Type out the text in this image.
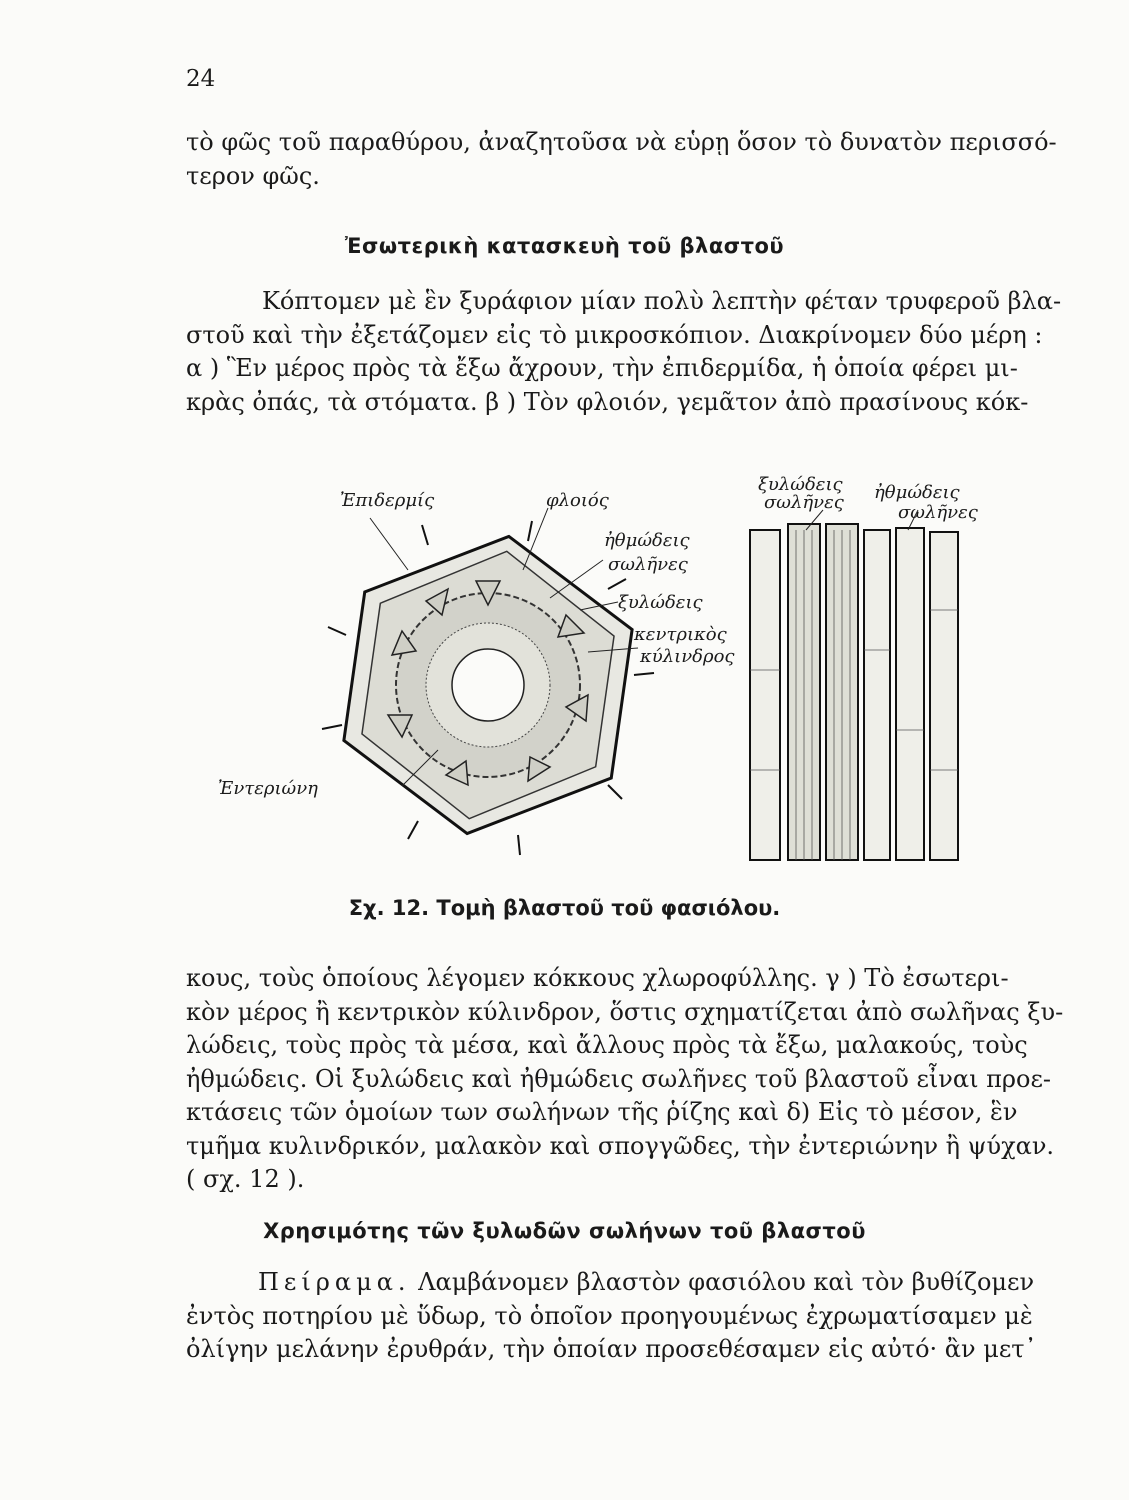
24
τὸ φῶς τοῦ παραθύρου, ἀναζητοῦσα νὰ εὑρῃ ὅσον τὸ δυνατὸν περισσό-
τερον φῶς.
Ἐσωτερικὴ κατασκευὴ τοῦ βλαστοῦ
Κόπτομεν μὲ ἓν ξυράφιον μίαν πολὺ λεπτὴν φέταν τρυφεροῦ βλα-
στοῦ καὶ τὴν ἐξετάζομεν εἰς τὸ μικροσκόπιον. Διακρίνομεν δύο μέρη :
α ) Ἓν μέρος πρὸς τὰ ἔξω ἄχρουν, τὴν ἐπιδερμίδα, ἡ ὁποία φέρει μι-
κρὰς ὀπάς, τὰ στόματα. β ) Τὸν φλοιόν, γεμᾶτον ἀπὸ πρασίνους κόκ-
Ἐπιδερμίς	φλοιός
ἠθμώδεις
σωλῆνες
ξυλώδεις
κεντρικὸς
κύλινδρος
Ἐντεριώνη
ξυλώδεις
σωλῆνες ἠθμώδεις
σωλῆνες
Σχ. 12. Τομὴ βλαστοῦ τοῦ φασιόλου.
κους, τοὺς ὁποίους λέγομεν κόκκους χλωροφύλλης. γ ) Τὸ ἐσωτερι-
κὸν μέρος ἢ κεντρικὸν κύλινδρον, ὅστις σχηματίζεται ἀπὸ σωλῆνας ξυ-
λώδεις, τοὺς πρὸς τὰ μέσα, καὶ ἄλλους πρὸς τὰ ἔξω, μαλακούς, τοὺς
ἠθμώδεις. Οἱ ξυλώδεις καὶ ἠθμώδεις σωλῆνες τοῦ βλαστοῦ εἶναι προε-
κτάσεις τῶν ὁμοίων των σωλήνων τῆς ῥίζης καὶ δ) Εἰς τὸ μέσον, ἓν
τμῆμα κυλινδρικόν, μαλακὸν καὶ σπογγῶδες, τὴν ἐντεριώνην ἢ ψύχαν.
( σχ. 12 ).
Χρησιμότης τῶν ξυλωδῶν σωλήνων τοῦ βλαστοῦ
Πείραμα. Λαμβάνομεν βλαστὸν φασιόλου καὶ τὸν βυθίζομεν
ἐντὸς ποτηρίου μὲ ὕδωρ, τὸ ὁποῖον προηγουμένως ἐχρωματίσαμεν μὲ
ὀλίγην μελάνην ἐρυθράν, τὴν ὁποίαν προσεθέσαμεν εἰς αὐτό· ἂν μετ᾽
